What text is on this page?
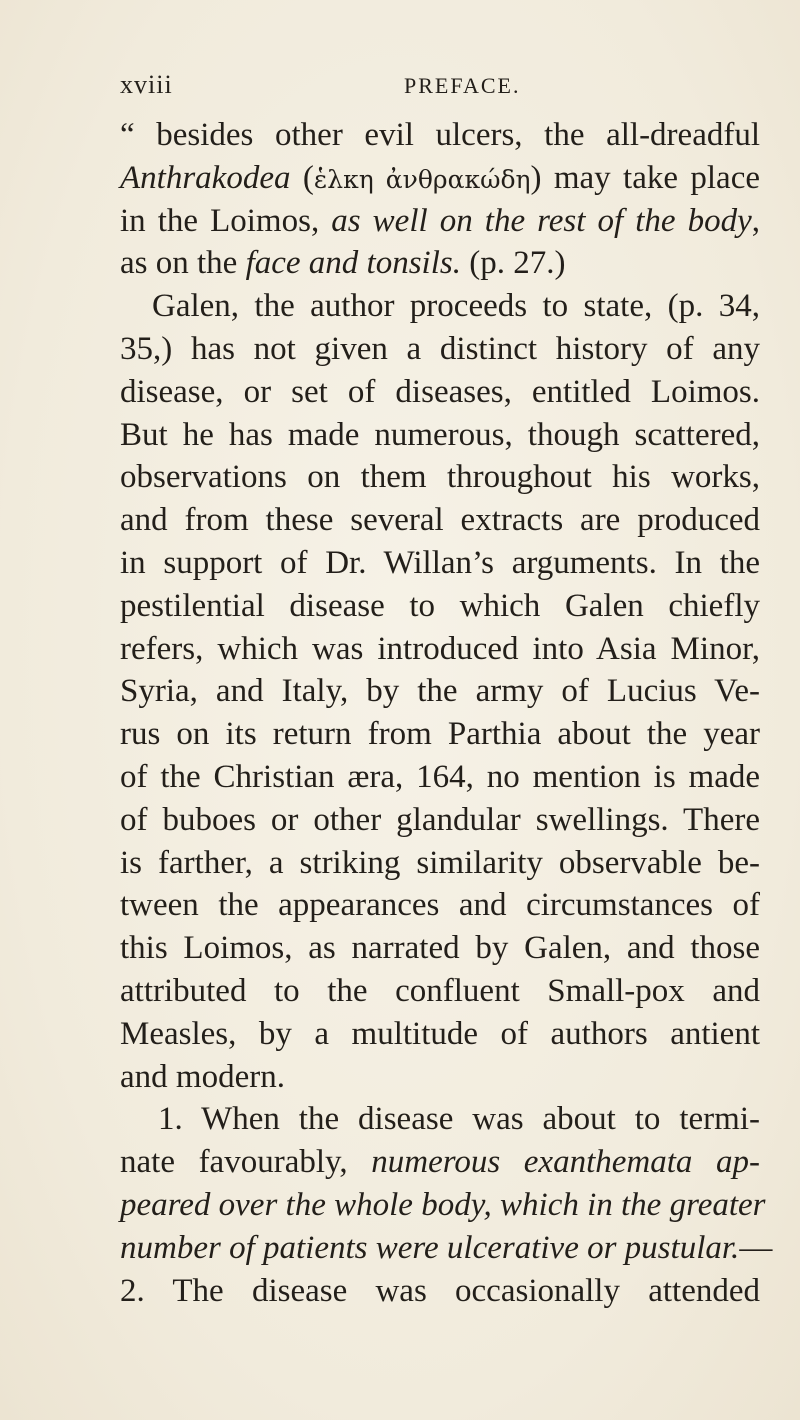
xviii	PREFACE.
“ besides other evil ulcers, the all-dreadful
Anthrakodea (ἑλκη ἀνθρακώδη) may take place
in the Loimos, as well on the rest of the body,
as on the face and tonsils. (p. 27.)
Galen, the author proceeds to state, (p. 34,
35,) has not given a distinct history of any
disease, or set of diseases, entitled Loimos.
But he has made numerous, though scattered,
observations on them throughout his works,
and from these several extracts are produced
in support of Dr. Willan’s arguments. In the
pestilential disease to which Galen chiefly
refers, which was introduced into Asia Minor,
Syria, and Italy, by the army of Lucius Ve-
rus on its return from Parthia about the year
of the Christian æra, 164, no mention is made
of buboes or other glandular swellings. There
is farther, a striking similarity observable be-
tween the appearances and circumstances of
this Loimos, as narrated by Galen, and those
attributed to the confluent Small-pox and
Measles, by a multitude of authors antient
and modern.
1. When the disease was about to termi-
nate favourably, numerous exanthemata ap-
peared over the whole body, which in the greater
number of patients were ulcerative or pustular.—
2. The disease was occasionally attended
